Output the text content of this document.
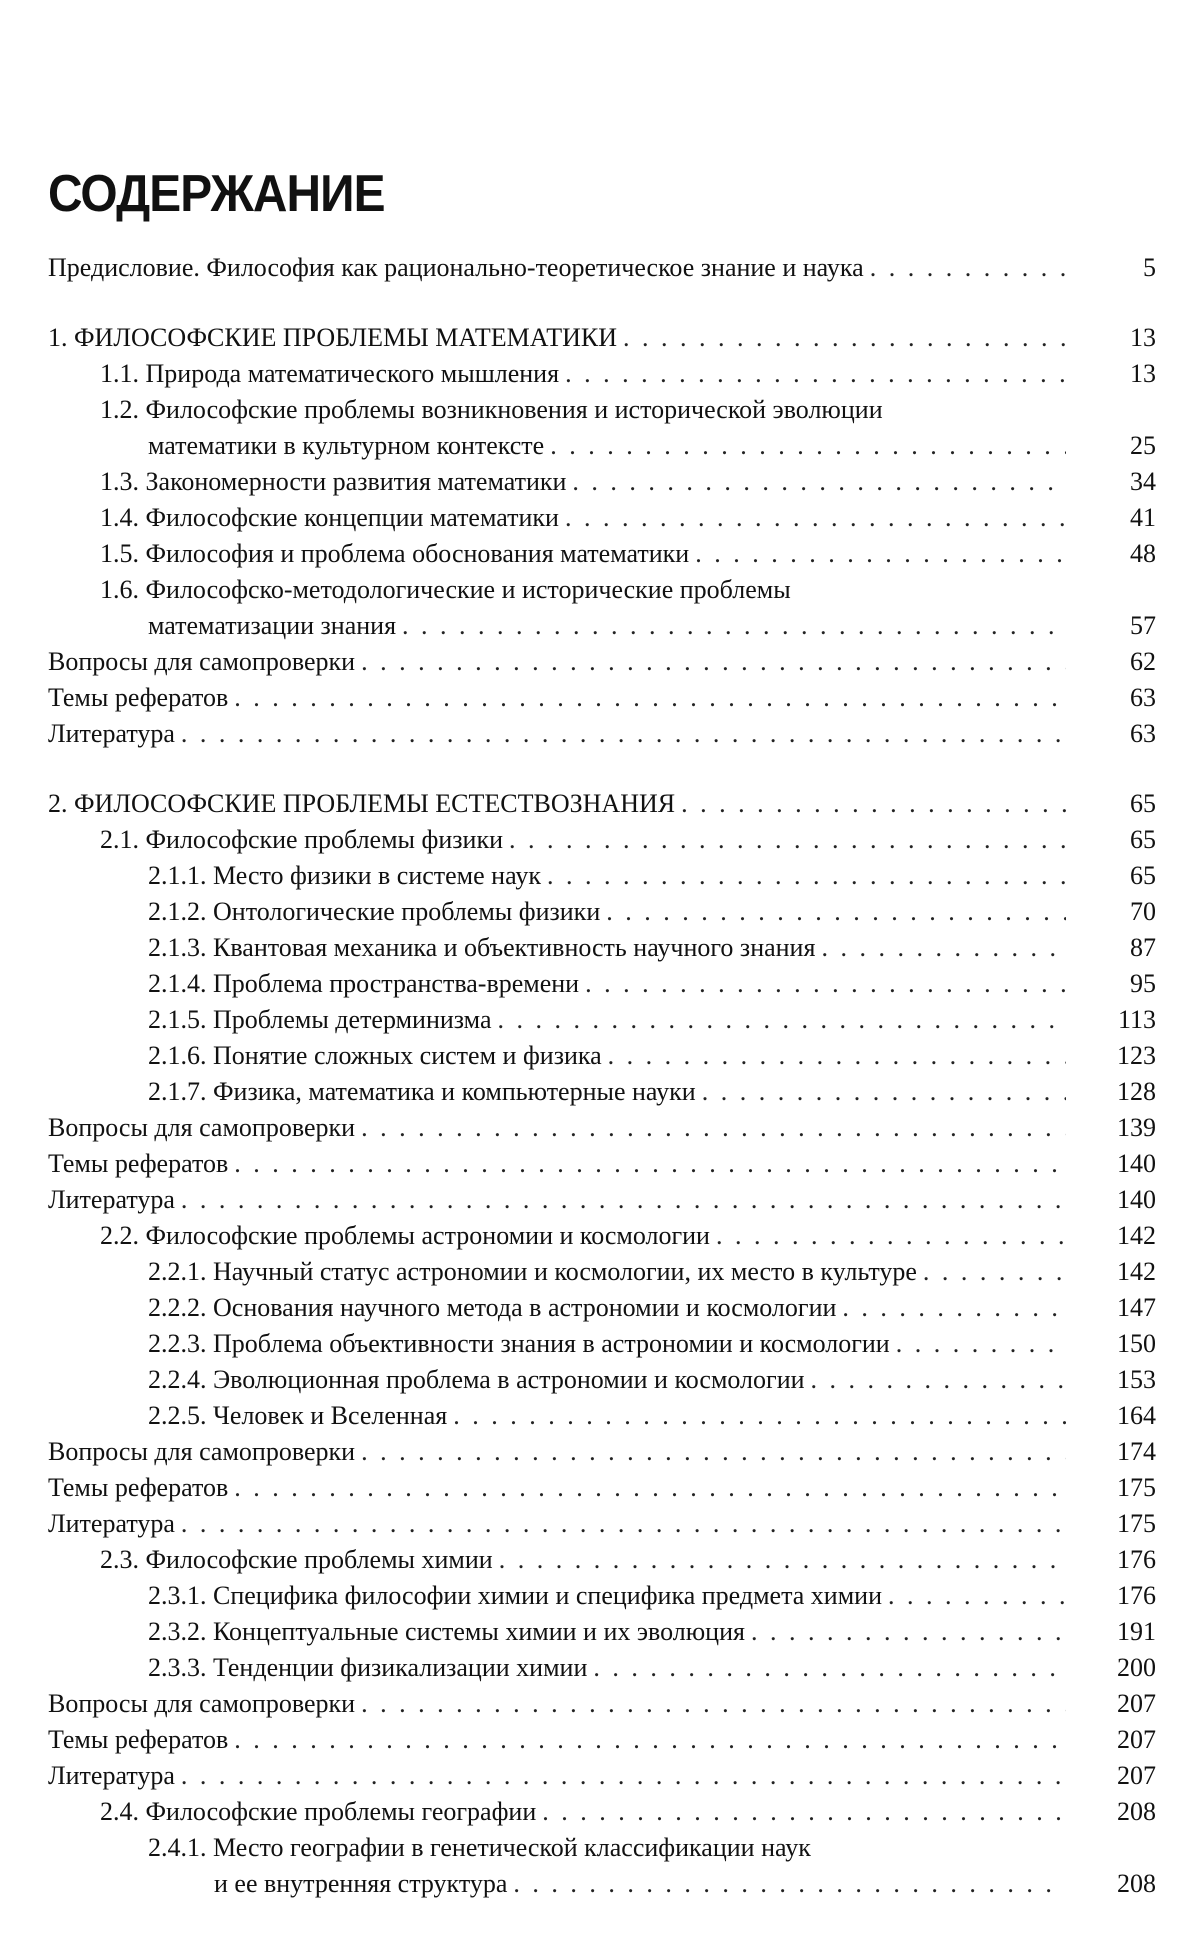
СОДЕРЖАНИЕ
Предисловие. Философия как рационально-теоретическое знание и наука . . .	5
1. ФИЛОСОФСКИЕ ПРОБЛЕМЫ МАТЕМАТИКИ . . .	13
1.1. Природа математического мышления . . .	13
1.2. Философские проблемы возникновения и исторической эволюции
математики в культурном контексте . . .	25
1.3. Закономерности развития математики . . .	34
1.4. Философские концепции математики . . .	41
1.5. Философия и проблема обоснования математики . . .	48
1.6. Философско-методологические и исторические проблемы
математизации знания . . .	57
Вопросы для самопроверки . . .	62
Темы рефератов . . .	63
Литература . . .	63
2. ФИЛОСОФСКИЕ ПРОБЛЕМЫ ЕСТЕСТВОЗНАНИЯ . . .	65
2.1. Философские проблемы физики . . .	65
2.1.1. Место физики в системе наук . . .	65
2.1.2. Онтологические проблемы физики . . .	70
2.1.3. Квантовая механика и объективность научного знания . . .	87
2.1.4. Проблема пространства-времени . . .	95
2.1.5. Проблемы детерминизма . . .	113
2.1.6. Понятие сложных систем и физика . . .	123
2.1.7. Физика, математика и компьютерные науки . . .	128
Вопросы для самопроверки . . .	139
Темы рефератов . . .	140
Литература . . .	140
2.2. Философские проблемы астрономии и космологии . . .	142
2.2.1. Научный статус астрономии и космологии, их место в культуре . . .	142
2.2.2. Основания научного метода в астрономии и космологии . . .	147
2.2.3. Проблема объективности знания в астрономии и космологии . . .	150
2.2.4. Эволюционная проблема в астрономии и космологии . . .	153
2.2.5. Человек и Вселенная . . .	164
Вопросы для самопроверки . . .	174
Темы рефератов . . .	175
Литература . . .	175
2.3. Философские проблемы химии . . .	176
2.3.1. Специфика философии химии и специфика предмета химии . . .	176
2.3.2. Концептуальные системы химии и их эволюция . . .	191
2.3.3. Тенденции физикализации химии . . .	200
Вопросы для самопроверки . . .	207
Темы рефератов . . .	207
Литература . . .	207
2.4. Философские проблемы географии . . .	208
2.4.1. Место географии в генетической классификации наук
и ее внутренняя структура . . .	208
